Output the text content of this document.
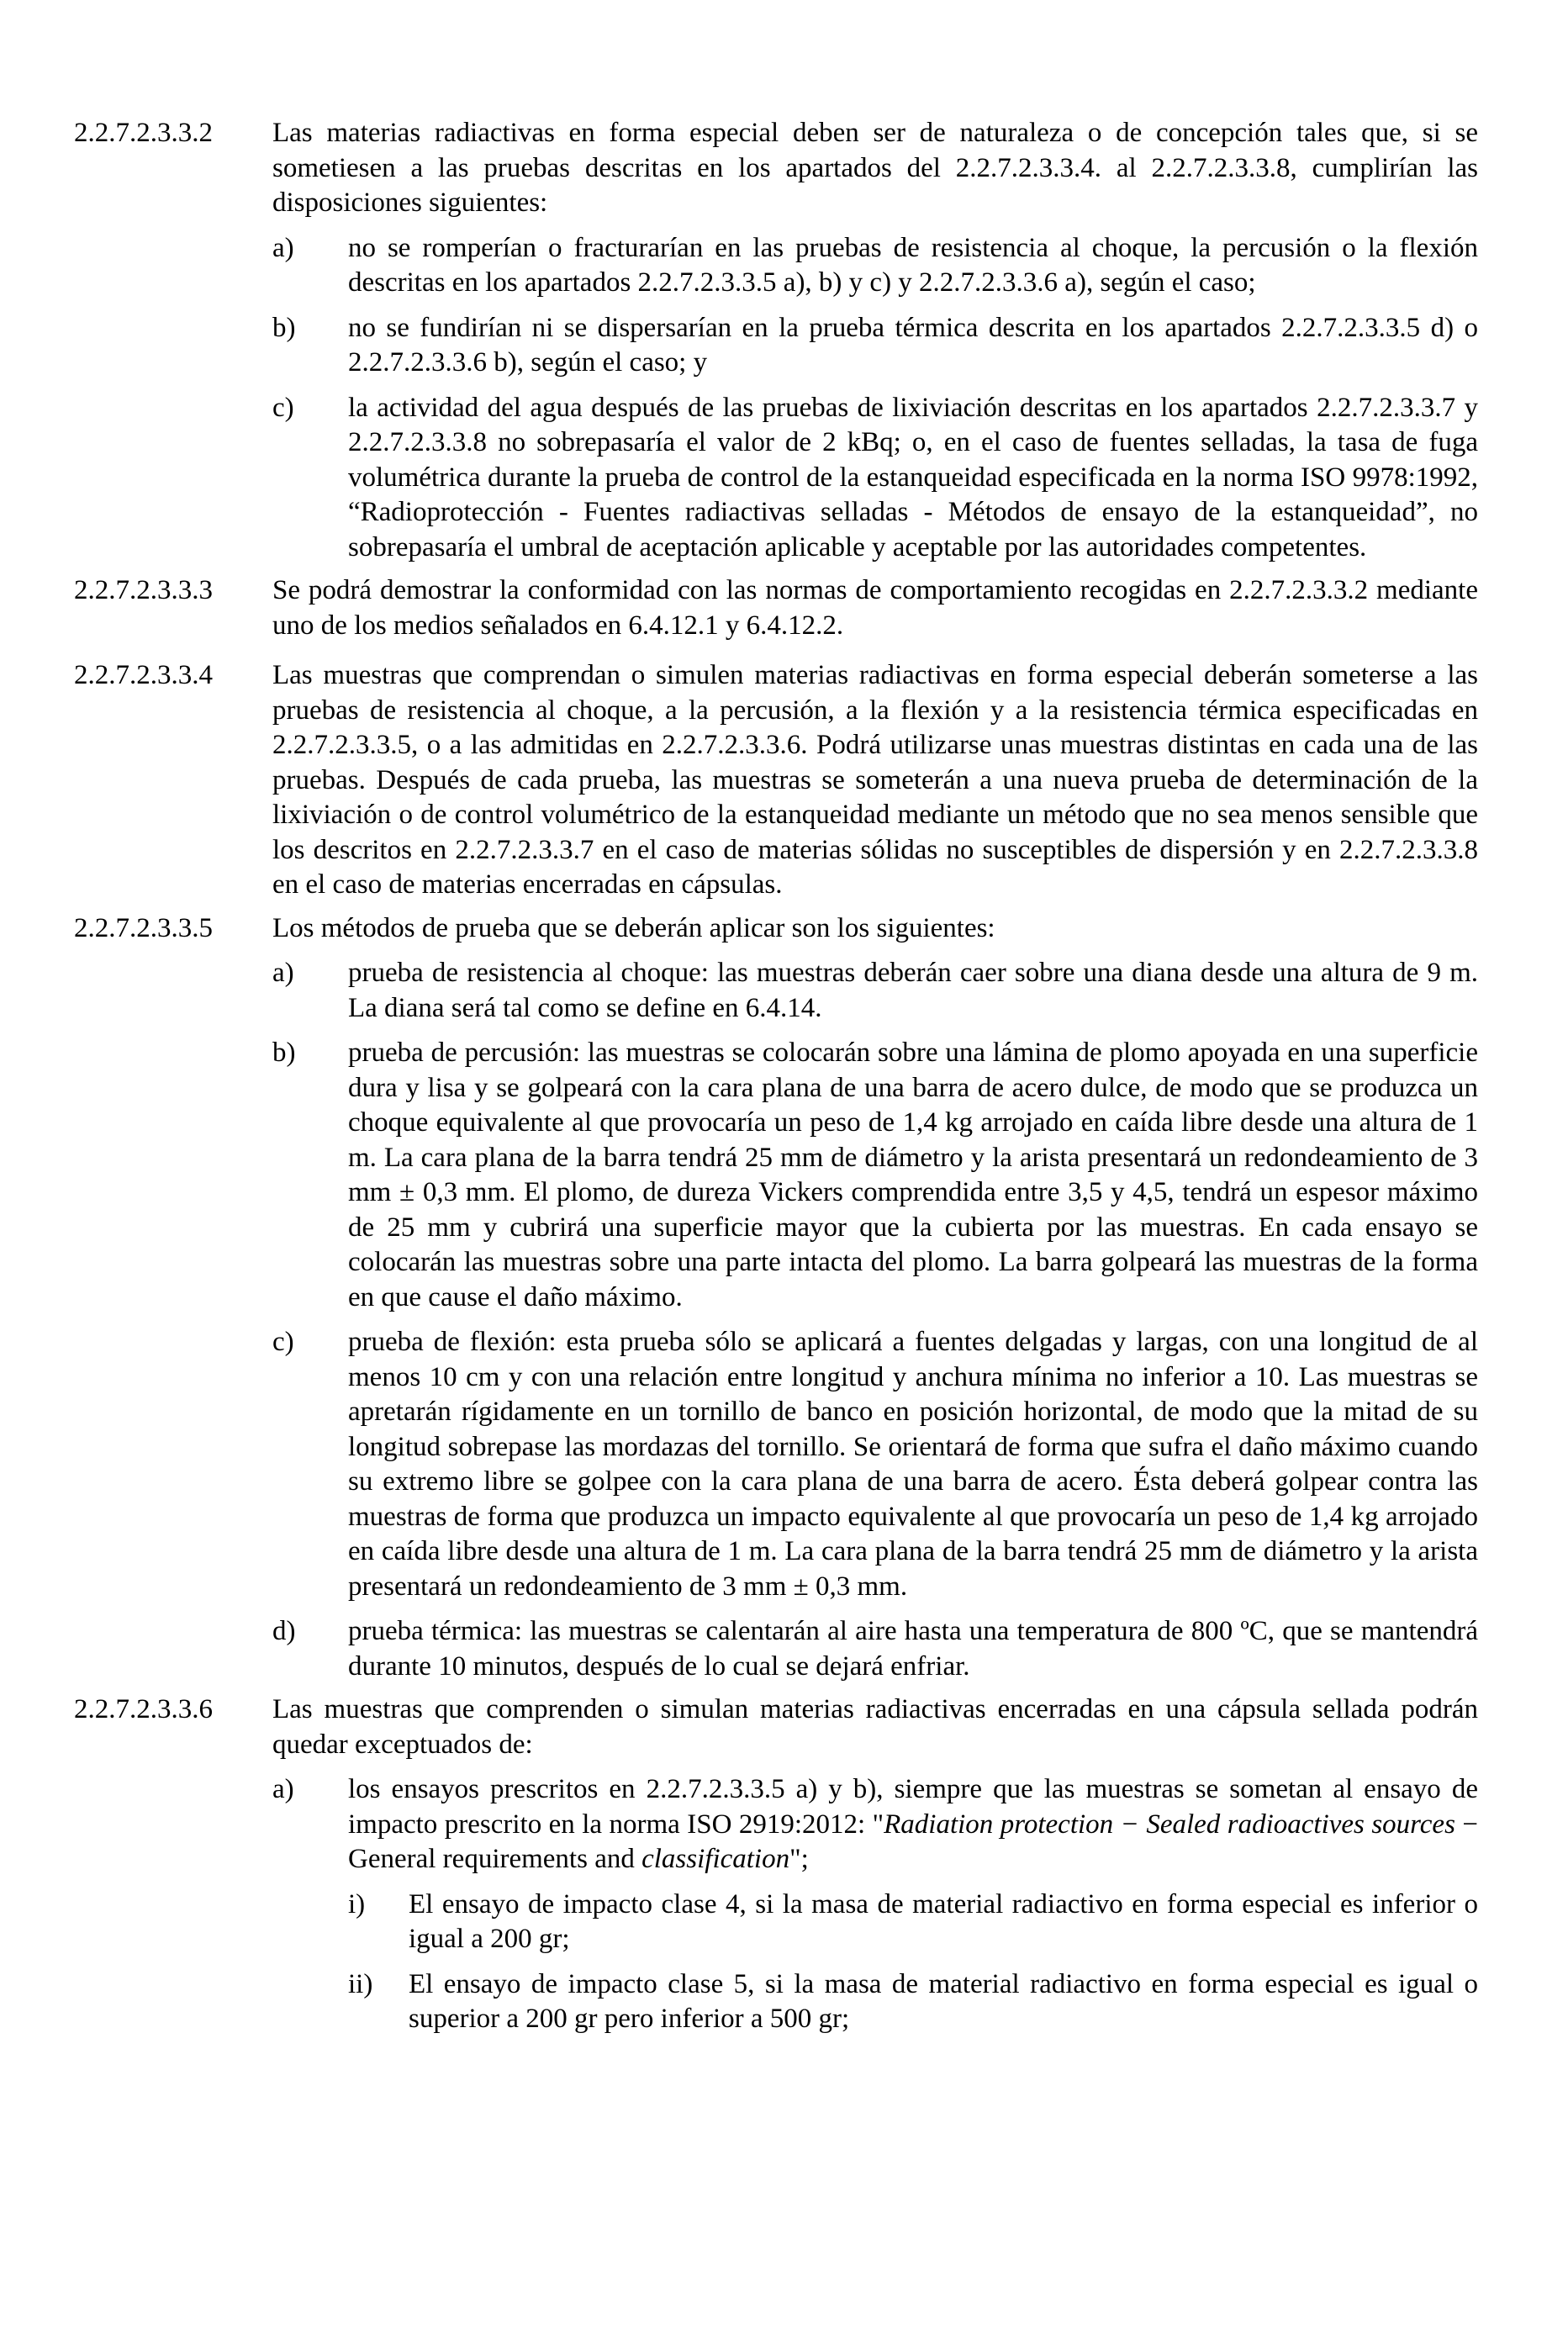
2.2.7.2.3.3.2	Las materias radiactivas en forma especial deben ser de naturaleza o de concepción tales que, si se sometiesen a las pruebas descritas en los apartados del 2.2.7.2.3.3.4. al 2.2.7.2.3.3.8, cumplirían las disposiciones siguientes:

a)	no se romperían o fracturarían en las pruebas de resistencia al choque, la percusión o la flexión descritas en los apartados 2.2.7.2.3.3.5 a), b) y c) y 2.2.7.2.3.3.6 a), según el caso;
b)	no se fundirían ni se dispersarían en la prueba térmica descrita en los apartados 2.2.7.2.3.3.5 d) o 2.2.7.2.3.3.6 b), según el caso; y
c)	la actividad del agua después de las pruebas de lixiviación descritas en los apartados 2.2.7.2.3.3.7 y 2.2.7.2.3.3.8 no sobrepasaría el valor de 2 kBq; o, en el caso de fuentes selladas, la tasa de fuga volumétrica durante la prueba de control de la estanqueidad especificada en la norma ISO 9978:1992, “Radioprotección - Fuentes radiactivas selladas - Métodos de ensayo de la estanqueidad”, no sobrepasaría el umbral de aceptación aplicable y aceptable por las autoridades competentes.
2.2.7.2.3.3.3	Se podrá demostrar la conformidad con las normas de comportamiento recogidas en 2.2.7.2.3.3.2 mediante uno de los medios señalados en 6.4.12.1 y 6.4.12.2.

2.2.7.2.3.3.4	Las muestras que comprendan o simulen materias radiactivas en forma especial deberán someterse a las pruebas de resistencia al choque, a la percusión, a la flexión y a la resistencia térmica especificadas en 2.2.7.2.3.3.5, o a las admitidas en 2.2.7.2.3.3.6. Podrá utilizarse unas muestras distintas en cada una de las pruebas. Después de cada prueba, las muestras se someterán a una nueva prueba de determinación de la lixiviación o de control volumétrico de la estanqueidad mediante un método que no sea menos sensible que los descritos en 2.2.7.2.3.3.7 en el caso de materias sólidas no susceptibles de dispersión y en 2.2.7.2.3.3.8 en el caso de materias encerradas en cápsulas.

2.2.7.2.3.3.5	Los métodos de prueba que se deberán aplicar son los siguientes:

a)	prueba de resistencia al choque: las muestras deberán caer sobre una diana desde una altura de 9 m. La diana será tal como se define en 6.4.14.
b)	prueba de percusión: las muestras se colocarán sobre una lámina de plomo apoyada en una superficie dura y lisa y se golpeará con la cara plana de una barra de acero dulce, de modo que se produzca un choque equivalente al que provocaría un peso de 1,4 kg arrojado en caída libre desde una altura de 1 m. La cara plana de la barra tendrá 25 mm de diámetro y la arista presentará un redondeamiento de 3 mm ± 0,3 mm. El plomo, de dureza Vickers comprendida entre 3,5 y 4,5, tendrá un espesor máximo de 25 mm y cubrirá una superficie mayor que la cubierta por las muestras. En cada ensayo se colocarán las muestras sobre una parte intacta del plomo. La barra golpeará las muestras de la forma en que cause el daño máximo.
c)	prueba de flexión: esta prueba sólo se aplicará a fuentes delgadas y largas, con una longitud de al menos 10 cm y con una relación entre longitud y anchura mínima no inferior a 10. Las muestras se apretarán rígidamente en un tornillo de banco en posición horizontal, de modo que la mitad de su longitud sobrepase las mordazas del tornillo. Se orientará de forma que sufra el daño máximo cuando su extremo libre se golpee con la cara plana de una barra de acero. Ésta deberá golpear contra las muestras de forma que produzca un impacto equivalente al que provocaría un peso de 1,4 kg arrojado en caída libre desde una altura de 1 m. La cara plana de la barra tendrá 25 mm de diámetro y la arista presentará un redondeamiento de 3 mm ± 0,3 mm.
d)	prueba térmica: las muestras se calentarán al aire hasta una temperatura de 800 ºC, que se mantendrá durante 10 minutos, después de lo cual se dejará enfriar.
2.2.7.2.3.3.6	Las muestras que comprenden o simulan materias radiactivas encerradas en una cápsula sellada podrán quedar exceptuados de:

a)	los ensayos prescritos en 2.2.7.2.3.3.5 a) y b), siempre que las muestras se sometan al ensayo de impacto prescrito en la norma ISO 2919:2012: "Radiation protection − Sealed radioactives sources − General requirements and classification";
i)	El ensayo de impacto clase 4, si la masa de material radiactivo en forma especial es inferior o igual a 200 gr;
ii)	El ensayo de impacto clase 5, si la masa de material radiactivo en forma especial es igual o superior a 200 gr pero inferior a 500 gr;
